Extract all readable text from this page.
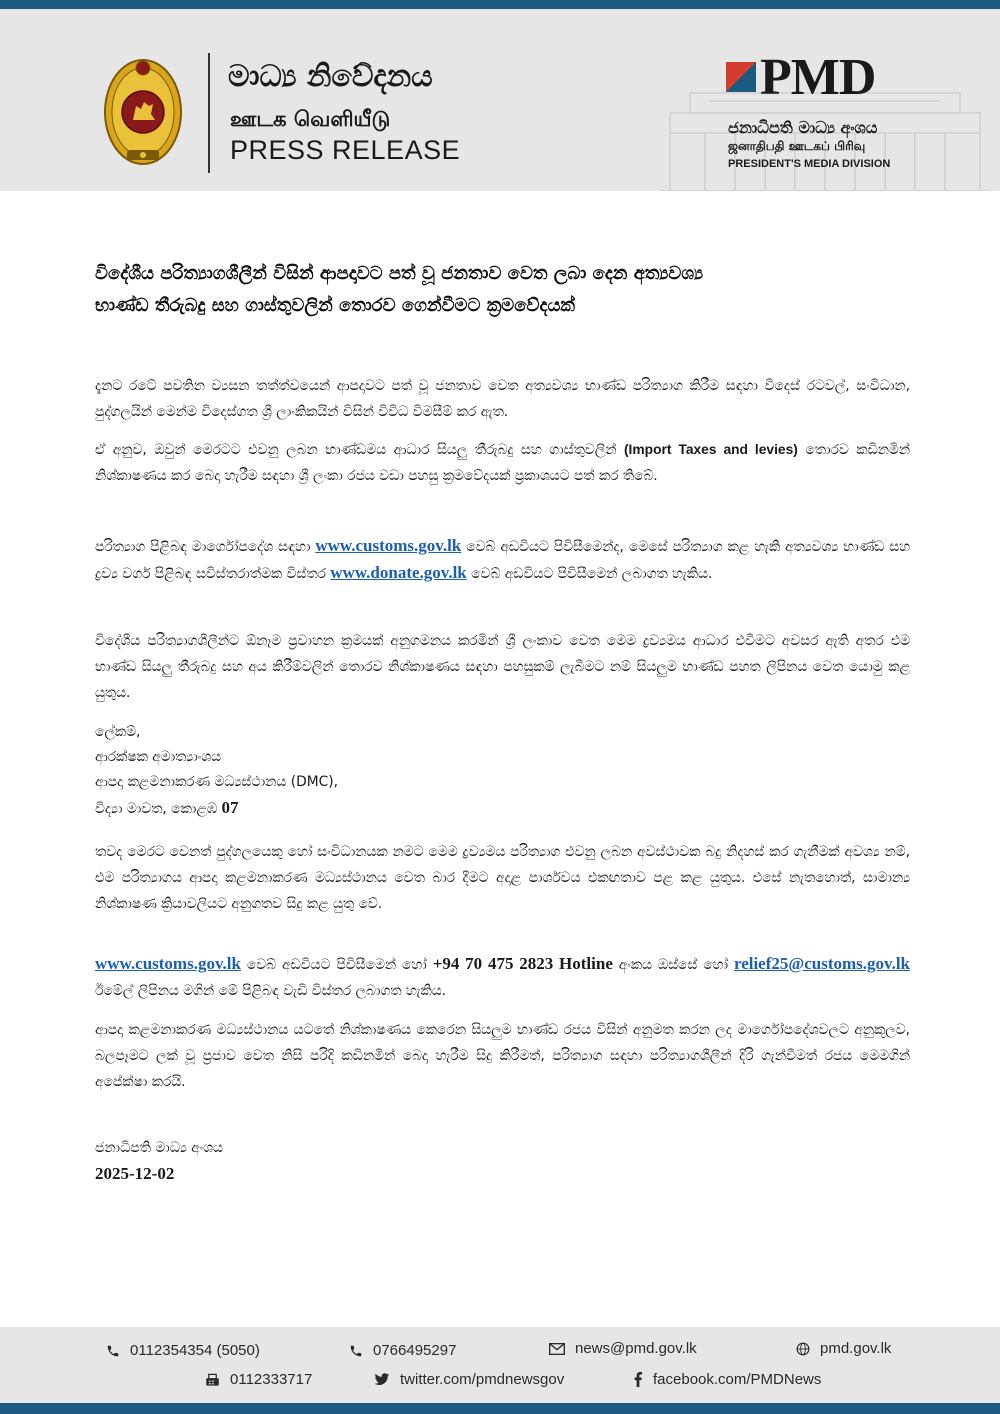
මාධ්‍ය නිවේදනය
ஊடக வெளியீடு
PRESS RELEASE
PMD
ජනාධිපති මාධ්‍ය අංශය
ஜனாதிபதி ஊடகப் பிரிவு
PRESIDENT'S MEDIA DIVISION
විදේශීය පරිත්‍යාගශීලීන් විසින් ආපදාවට පත් වූ ජනතාව වෙත ලබා දෙන අත්‍යවශ්‍ය
භාණ්ඩ තීරුබදු සහ ගාස්තුවලින් තොරව ගෙන්වීමට ක්‍රමවේදයක්

දැනට රටේ පවතින ව්‍යසන තත්ත්වයෙන් ආපදාවට පත් වූ ජනතාව වෙත අත්‍යවශ්‍ය භාණ්ඩ පරිත්‍යාග කිරීම සඳහා විදෙස් රටවල්, සංවිධාන, පුද්ගලයින් මෙන්ම විදෙස්ගත ශ්‍රී ලාංකිකයින් විසින් විවිධ විමසීම් කර ඇත.

ඒ අනුව, ඔවුන් මෙරටට එවනු ලබන භාණ්ඩමය ආධාර සියලු තීරුබදු සහ ගාස්තුවලින් (Import Taxes and levies) තොරව කඩිනමින් නිශ්කාෂණය කර බෙදා හැරීම සඳහා ශ්‍රී ලංකා රජය වඩා පහසු ක්‍රමවේදයක් ප්‍රකාශයට පත් කර තිබේ.

පරිත්‍යාග පිළිබඳ මාර්ගෝපදේශ සඳහා www.customs.gov.lk වෙබ් අඩවියට පිවිසීමෙන්ද, මෙසේ පරිත්‍යාග කළ හැකි අත්‍යවශ්‍ය භාණ්ඩ සහ ද්‍රව්‍ය වර්ග පිළිබඳ සවිස්තරාත්මක විස්තර www.donate.gov.lk වෙබ් අඩවියට පිවිසීමෙන් ලබාගත හැකිය.

විදේශීය පරිත්‍යාගශීලීන්ට ඕනෑම ප්‍රවාහන ක්‍රමයක් අනුගමනය කරමින් ශ්‍රී ලංකාව වෙත මෙම ද්‍රව්‍යමය ආධාර එවීමට අවසර ඇති අතර එම භාණ්ඩ සියලු තීරුබදු සහ අය කිරීම්වලින් තොරව නිශ්කාෂණය සඳහා පහසුකම් ලැබීමට නම් සියලුම භාණ්ඩ පහත ලිපිනය වෙත යොමු කළ යුතුය.

ලේකම්,
ආරක්ෂක අමාත්‍යාංශය
ආපදා කළමනාකරණ මධ්‍යස්ථානය (DMC),
විද්‍යා මාවත, කොළඹ 07

තවද මෙරට වෙනත් පුද්ගලයෙකු හෝ සංවිධානයක නමට මෙම ද්‍රව්‍යමය පරිත්‍යාග එවනු ලබන අවස්ථාවක බදු නිදහස් කර ගැනීමක් අවශ්‍ය නම්, එම පරිත්‍යාගය ආපදා කළමනාකරණ මධ්‍යස්ථානය වෙත බාර දීමට අදාළ පාර්ශවය එකඟතාව පළ කළ යුතුය. එසේ නැතහොත්, සාමාන්‍ය නිශ්කාෂණ ක්‍රියාවලියට අනුගතව සිදු කළ යුතු වේ.

www.customs.gov.lk වෙබ් අඩවියට පිවිසීමෙන් හෝ +94 70 475 2823 Hotline අංකය ඔස්සේ හෝ relief25@customs.gov.lk ඊමේල් ලිපිනය මගින් මේ පිළිබඳ වැඩි විස්තර ලබාගත හැකිය.

ආපදා කළමනාකරණ මධ්‍යස්ථානය යටතේ නිශ්කාෂණය කෙරෙන සියලුම භාණ්ඩ රජය විසින් අනුමත කරන ලද මාර්ගෝපදේශවලට අනුකූලව, බලපෑමට ලක් වූ ප්‍රජාව වෙත නිසි පරිදි කඩිනමින් බෙදා හැරීම සිදු කිරීමත්, පරිත්‍යාග සඳහා පරිත්‍යාගශීලීන් දිරි ගැන්වීමත් රජය මෙමගින් අපේක්ෂා කරයි.

ජනාධිපති මාධ්‍ය අංශය
2025-12-02
0112354354 (5050)	0766495297	news@pmd.gov.lk	pmd.gov.lk
0112333717	twitter.com/pmdnewsgov	facebook.com/PMDNews
